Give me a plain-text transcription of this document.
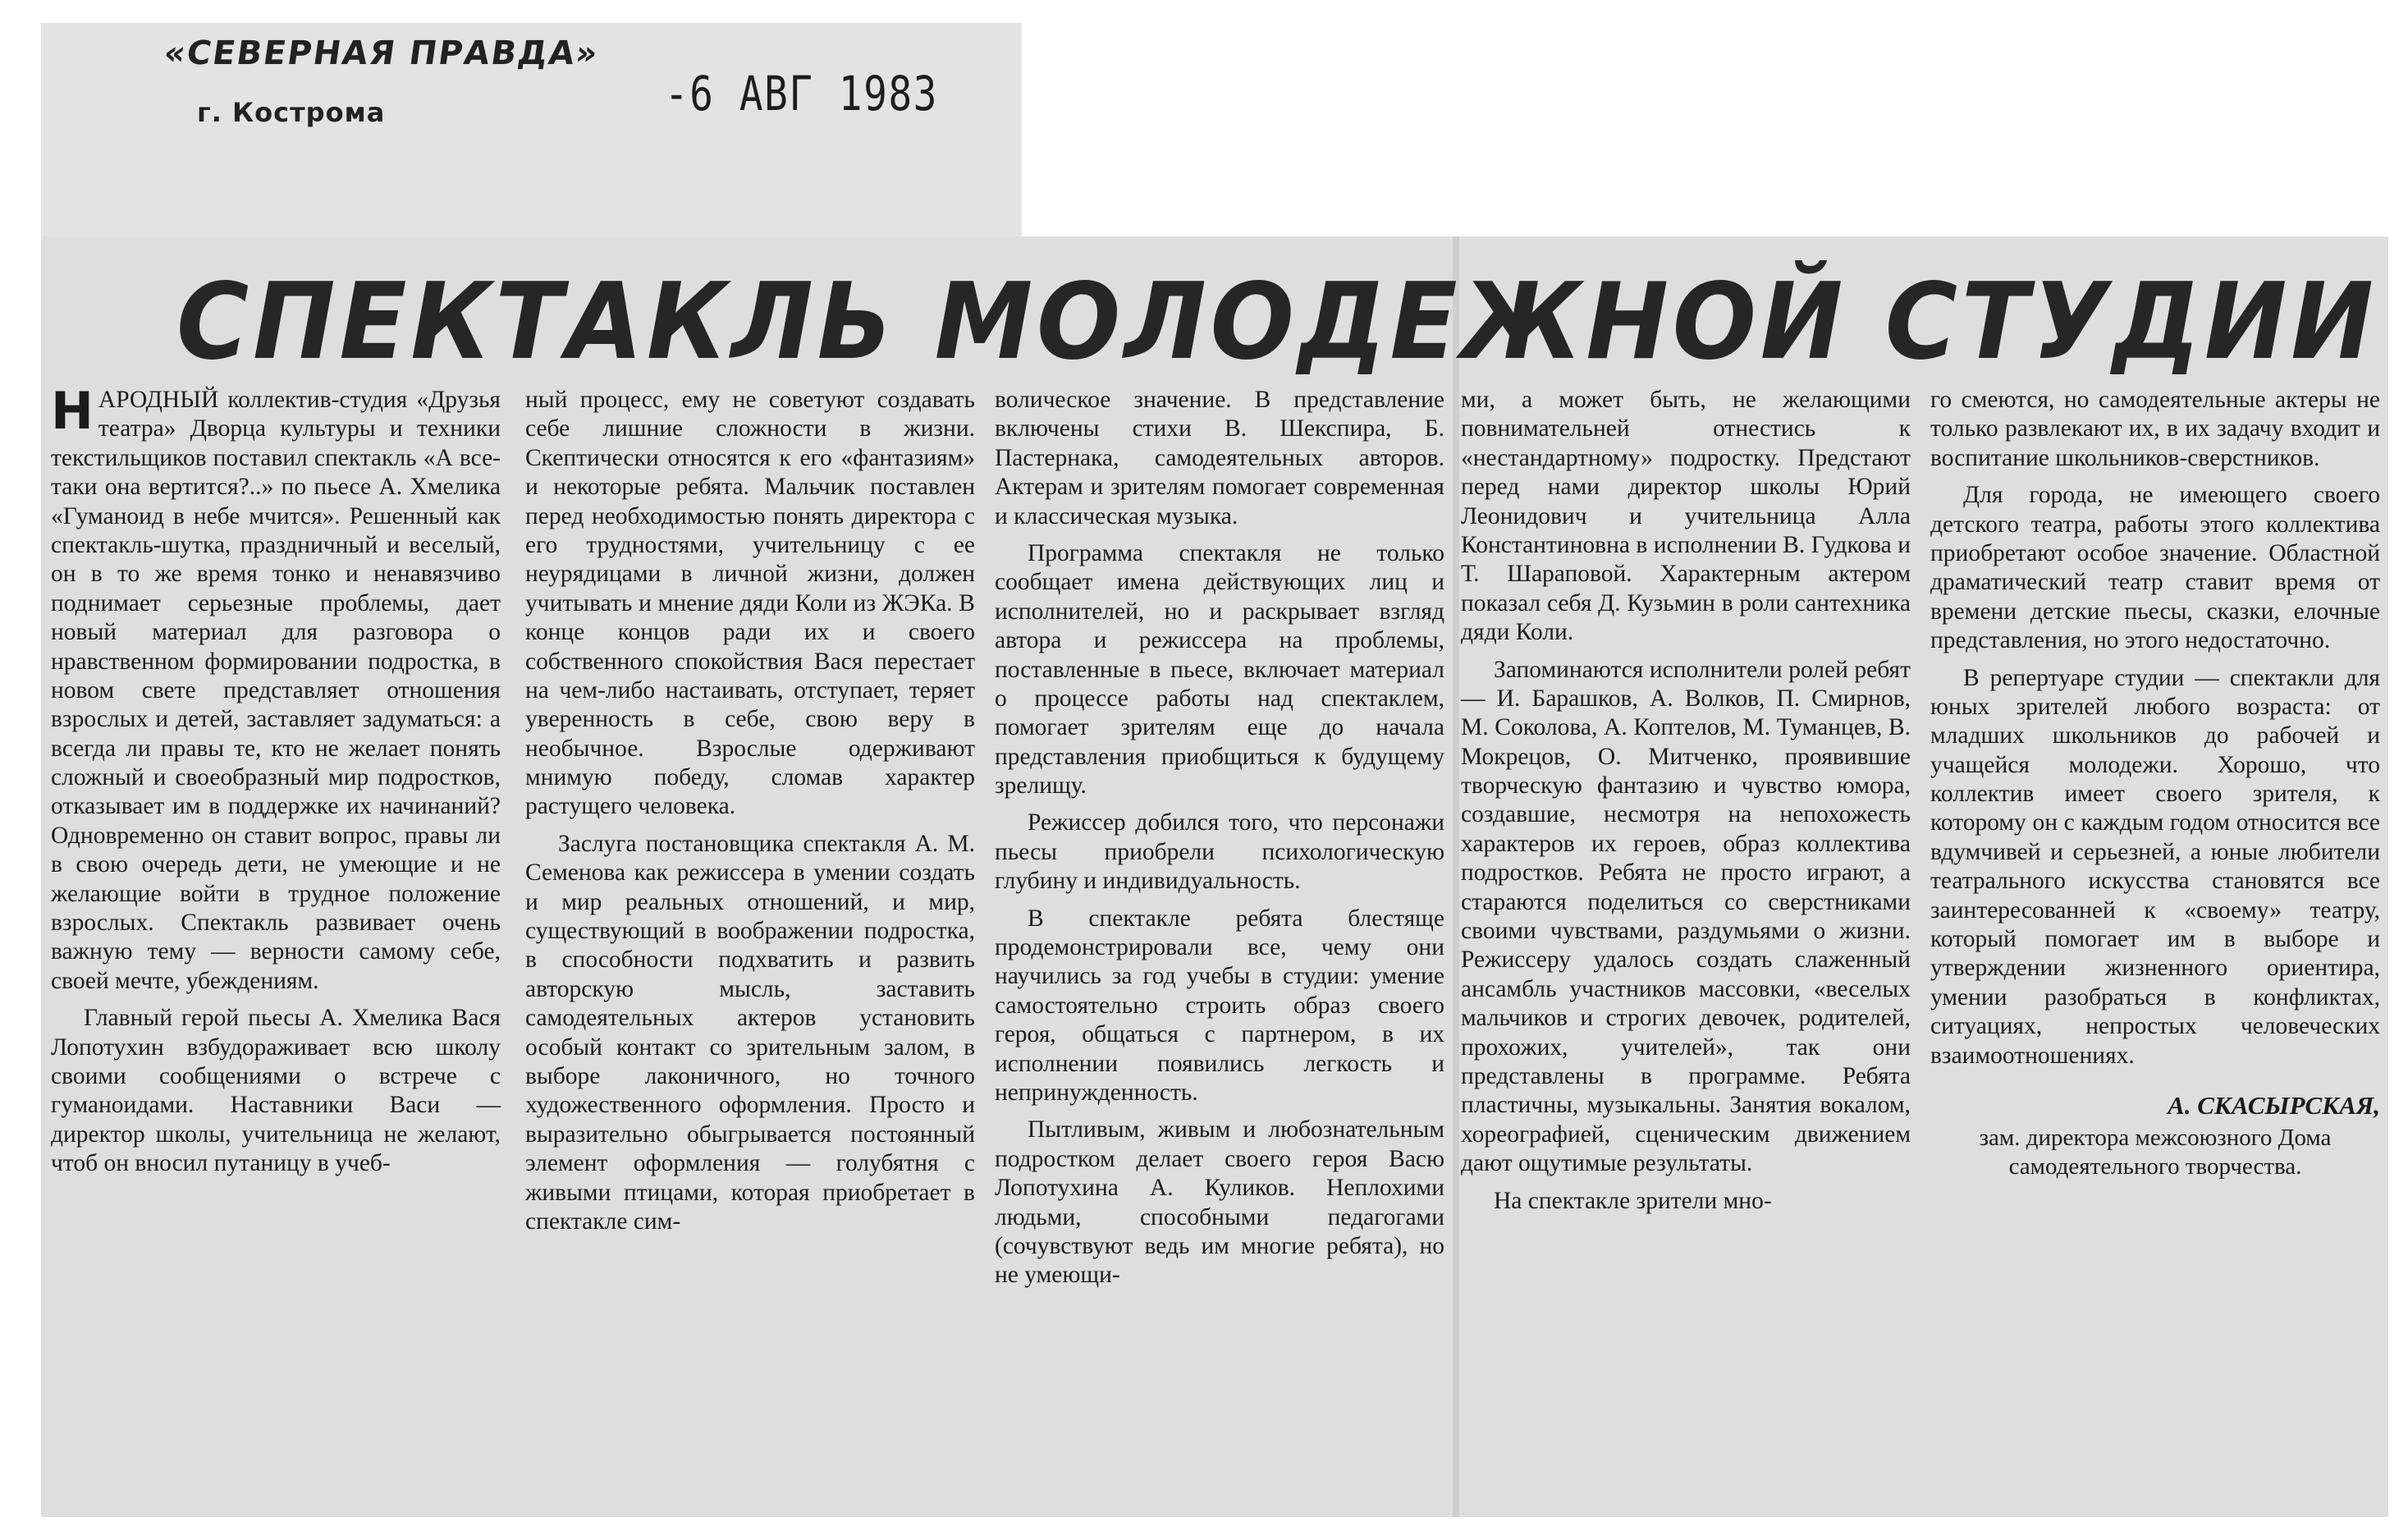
«СЕВЕРНАЯ ПРАВДА»
г. Кострома	-6 АВГ 1983
СПЕКТАКЛЬ МОЛОДЕЖНОЙ СТУДИИ

НАРОДНЫЙ коллектив-студия «Друзья театра» Дворца культуры и техники текстильщиков поставил спектакль «А все-таки она вертится?..» по пьесе А. Хмелика «Гуманоид в небе мчится». Решенный как спектакль-шутка, праздничный и веселый, он в то же время тонко и ненавязчиво поднимает серьезные проблемы, дает новый материал для разговора о нравственном формировании подростка, в новом свете представляет отношения взрослых и детей, заставляет задуматься: а всегда ли правы те, кто не желает понять сложный и своеобразный мир подростков, отказывает им в поддержке их начинаний? Одновременно он ставит вопрос, правы ли в свою очередь дети, не умеющие и не желающие войти в трудное положение взрослых. Спектакль развивает очень важную тему — верности самому себе, своей мечте, убеждениям.

Главный герой пьесы А. Хмелика Вася Лопотухин взбудораживает всю школу своими сообщениями о встрече с гуманоидами. Наставники Васи — директор школы, учительница не желают, чтоб он вносил путаницу в учеб-

ный процесс, ему не советуют создавать себе лишние сложности в жизни. Скептически относятся к его «фантазиям» и некоторые ребята. Мальчик поставлен перед необходимостью понять директора с его трудностями, учительницу с ее неурядицами в личной жизни, должен учитывать и мнение дяди Коли из ЖЭКа. В конце концов ради их и своего собственного спокойствия Вася перестает на чем-либо настаивать, отступает, теряет уверенность в себе, свою веру в необычное. Взрослые одерживают мнимую победу, сломав характер растущего человека.

Заслуга постановщика спектакля А. М. Семенова как режиссера в умении создать и мир реальных отношений, и мир, существующий в воображении подростка, в способности подхватить и развить авторскую мысль, заставить самодеятельных актеров установить особый контакт со зрительным залом, в выборе лаконичного, но точного художественного оформления. Просто и выразительно обыгрывается постоянный элемент оформления — голубятня с живыми птицами, которая приобретает в спектакле сим-

волическое значение. В представление включены стихи В. Шекспира, Б. Пастернака, самодеятельных авторов. Актерам и зрителям помогает современная и классическая музыка.

Программа спектакля не только сообщает имена действующих лиц и исполнителей, но и раскрывает взгляд автора и режиссера на проблемы, поставленные в пьесе, включает материал о процессе работы над спектаклем, помогает зрителям еще до начала представления приобщиться к будущему зрелищу.

Режиссер добился того, что персонажи пьесы приобрели психологическую глубину и индивидуальность.

В спектакле ребята блестяще продемонстрировали все, чему они научились за год учебы в студии: умение самостоятельно строить образ своего героя, общаться с партнером, в их исполнении появились легкость и непринужденность.

Пытливым, живым и любознательным подростком делает своего героя Васю Лопотухина А. Куликов. Неплохими людьми, способными педагогами (сочувствуют ведь им многие ребята), но не умеющи-

ми, а может быть, не желающими повнимательней отнестись к «нестандартному» подростку. Предстают перед нами директор школы Юрий Леонидович и учительница Алла Константиновна в исполнении В. Гудкова и Т. Шараповой. Характерным актером показал себя Д. Кузьмин в роли сантехника дяди Коли.

Запоминаются исполнители ролей ребят — И. Барашков, А. Волков, П. Смирнов, М. Соколова, А. Коптелов, М. Туманцев, В. Мокрецов, О. Митченко, проявившие творческую фантазию и чувство юмора, создавшие, несмотря на непохожесть характеров их героев, образ коллектива подростков. Ребята не просто играют, а стараются поделиться со сверстниками своими чувствами, раздумьями о жизни. Режиссеру удалось создать слаженный ансамбль участников массовки, «веселых мальчиков и строгих девочек, родителей, прохожих, учителей», так они представлены в программе. Ребята пластичны, музыкальны. Занятия вокалом, хореографией, сценическим движением дают ощутимые результаты.

На спектакле зрители мно-

го смеются, но самодеятельные актеры не только развлекают их, в их задачу входит и воспитание школьников-сверстников.

Для города, не имеющего своего детского театра, работы этого коллектива приобретают особое значение. Областной драматический театр ставит время от времени детские пьесы, сказки, елочные представления, но этого недостаточно.

В репертуаре студии — спектакли для юных зрителей любого возраста: от младших школьников до рабочей и учащейся молодежи. Хорошо, что коллектив имеет своего зрителя, к которому он с каждым годом относится все вдумчивей и серьезней, а юные любители театрального искусства становятся все заинтересованней к «своему» театру, который помогает им в выборе и утверждении жизненного ориентира, умении разобраться в конфликтах, ситуациях, непростых человеческих взаимоотношениях.

А. СКАСЫРСКАЯ,
зам. директора межсоюзного Дома самодеятельного творчества.
